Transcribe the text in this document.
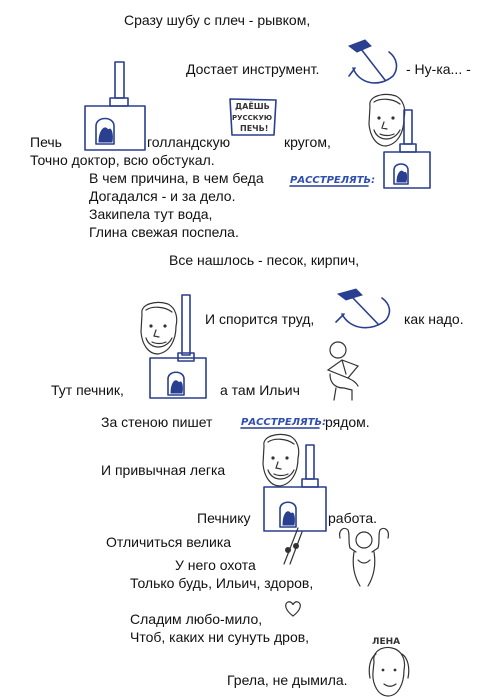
Сразу шубу с плеч - рывком,
Достает инструмент.	- Ну-ка... -
Печь	голландскую	кругом,
Точно доктор, всю обстукал.
В чем причина, в чем беда
Догадался - и за дело.
Закипела тут вода,
Глина свежая поспела.
Все нашлось - песок, кирпич,
И спорится труд,	как надо.
Тут печник,	а там Ильич
За стеною пишет	рядом.
И привычная легка
Печнику	работа.
Отличиться велика
У него охота
Только будь, Ильич, здоров,
Сладим любо-мило,
Чтоб, каких ни сунуть дров,
Грела, не дымила.
ДАЁШЬ
РУССКУЮ
ПЕЧЬ!
РАССТРЕЛЯТЬ:
РАССТРЕЛЯТЬ:
ЛЕНА
